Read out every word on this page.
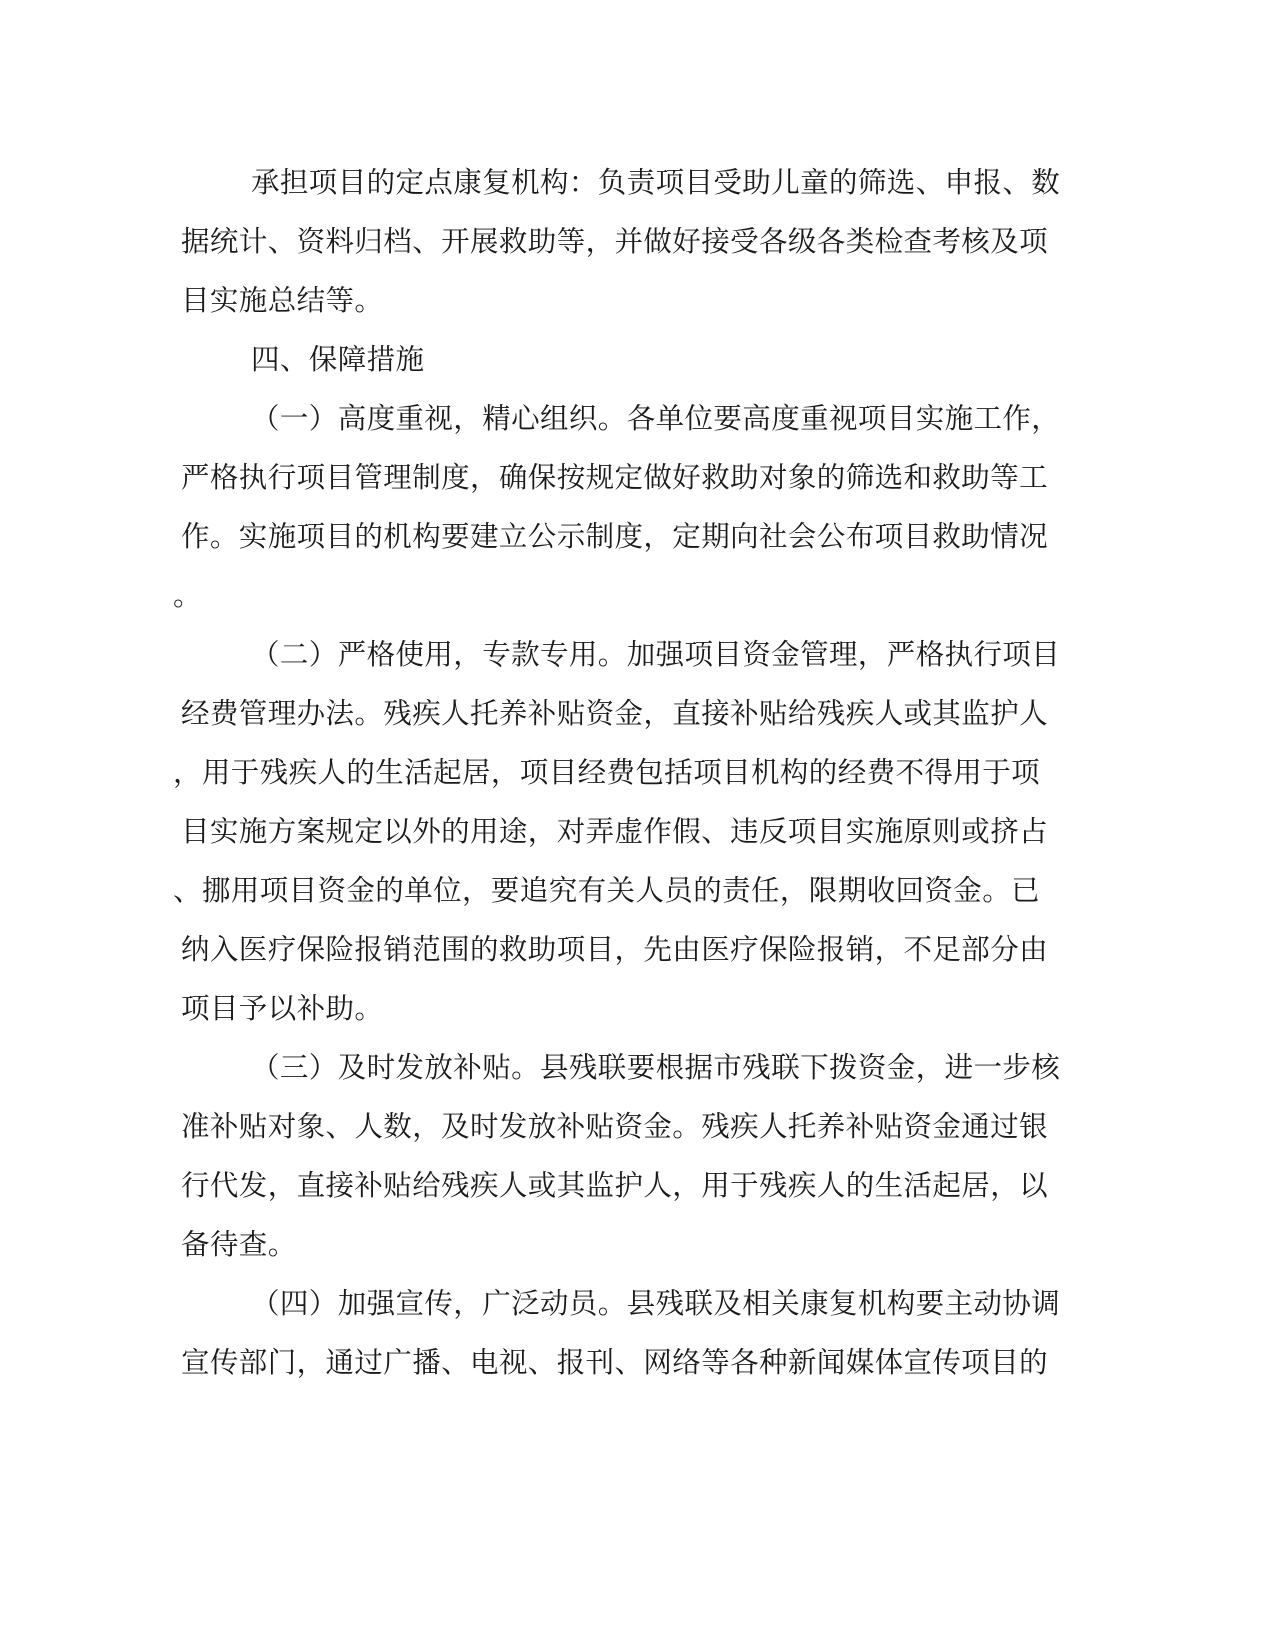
承担项目的定点康复机构：负责项目受助儿童的筛选、申报、数
据统计、资料归档、开展救助等，并做好接受各级各类检查考核及项
目实施总结等。
四、保障措施
（一）高度重视，精心组织。各单位要高度重视项目实施工作，
严格执行项目管理制度，确保按规定做好救助对象的筛选和救助等工
作。实施项目的机构要建立公示制度，定期向社会公布项目救助情况
。
（二）严格使用，专款专用。加强项目资金管理，严格执行项目
经费管理办法。残疾人托养补贴资金，直接补贴给残疾人或其监护人
，用于残疾人的生活起居，项目经费包括项目机构的经费不得用于项
目实施方案规定以外的用途，对弄虚作假、违反项目实施原则或挤占
、挪用项目资金的单位，要追究有关人员的责任，限期收回资金。已
纳入医疗保险报销范围的救助项目，先由医疗保险报销，不足部分由
项目予以补助。
（三）及时发放补贴。县残联要根据市残联下拨资金，进一步核
准补贴对象、人数，及时发放补贴资金。残疾人托养补贴资金通过银
行代发，直接补贴给残疾人或其监护人，用于残疾人的生活起居，以
备待查。
（四）加强宣传，广泛动员。县残联及相关康复机构要主动协调
宣传部门，通过广播、电视、报刊、网络等各种新闻媒体宣传项目的
